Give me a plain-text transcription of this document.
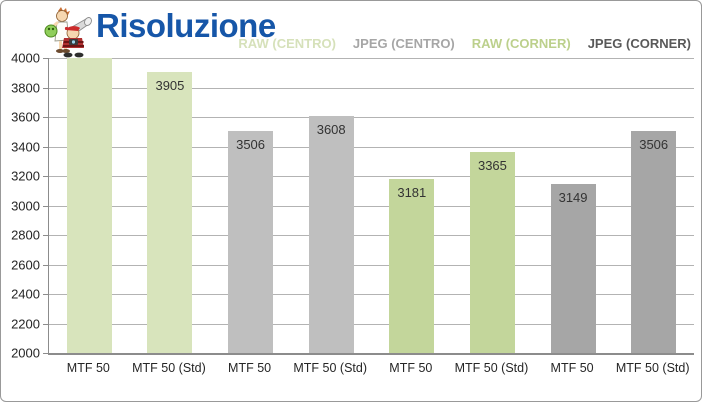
Risoluzione
RAW (CENTRO) JPEG (CENTRO) RAW (CORNER) JPEG (CORNER)
4000
3800
3600
3400
3200
3000
2800
2600
2400
2200
2000
3905
3506
3608
3181
3365
3149
3506
MTF 50	MTF 50 (Std)	MTF 50	MTF 50 (Std)	MTF 50	MTF 50 (Std)	MTF 50	MTF 50 (Std)
